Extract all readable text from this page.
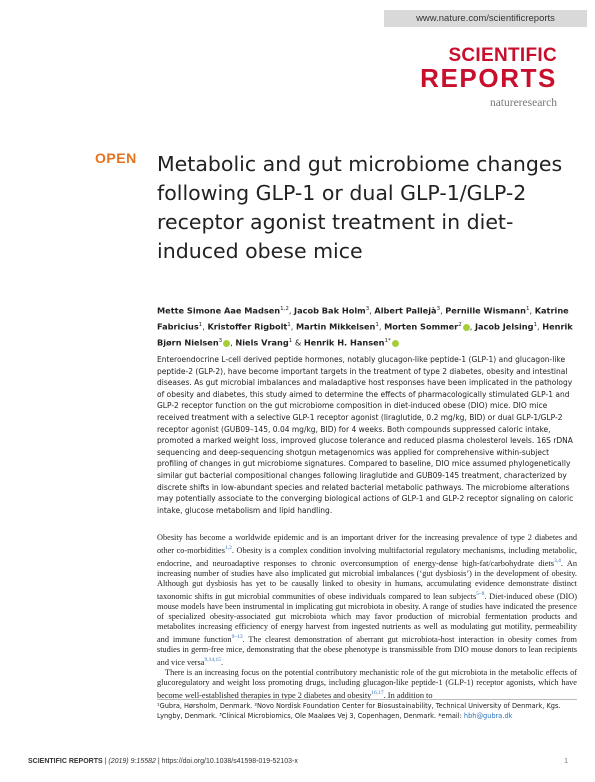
www.nature.com/scientificreports
SCIENTIFIC
REPORTS
natureresearch
OPEN Metabolic and gut microbiome changes following GLP-1 or dual GLP-1/GLP-2 receptor agonist treatment in diet-induced obese mice
Mette Simone Aae Madsen$^{1,2}$, Jacob Bak Holm$^3$, Albert Pallejà$^3$, Pernille Wismann$^1$, Katrine Fabricius$^1$, Kristoffer Rigbolt$^1$, Martin Mikkelsen$^1$, Morten Sommer$^2$ , Jacob Jelsing$^1$, Henrik Bjørn Nielsen$^3$ , Niels Vrang$^1$ & Henrik H. Hansen$^{1*}$

Enteroendocrine L-cell derived peptide hormones, notably glucagon-like peptide-1 (GLP-1) and glucagon-like peptide-2 (GLP-2), have become important targets in the treatment of type 2 diabetes, obesity and intestinal diseases. As gut microbial imbalances and maladaptive host responses have been implicated in the pathology of obesity and diabetes, this study aimed to determine the effects of pharmacologically stimulated GLP-1 and GLP-2 receptor function on the gut microbiome composition in diet-induced obese (DIO) mice. DIO mice received treatment with a selective GLP-1 receptor agonist (liraglutide, 0.2 mg/kg, BID) or dual GLP-1/GLP-2 receptor agonist (GUB09–145, 0.04 mg/kg, BID) for 4 weeks. Both compounds suppressed caloric intake, promoted a marked weight loss, improved glucose tolerance and reduced plasma cholesterol levels. 16S rDNA sequencing and deep-sequencing shotgun metagenomics was applied for comprehensive within-subject profiling of changes in gut microbiome signatures. Compared to baseline, DIO mice assumed phylogenetically similar gut bacterial compositional changes following liraglutide and GUB09-145 treatment, characterized by discrete shifts in low-abundant species and related bacterial metabolic pathways. The microbiome alterations may potentially associate to the converging biological actions of GLP-1 and GLP-2 receptor signaling on caloric intake, glucose metabolism and lipid handling.

Obesity has become a worldwide epidemic and is an important driver for the increasing prevalence of type 2 diabetes and other co-morbidities$^{1,2}$. Obesity is a complex condition involving multifactorial regulatory mechanisms, including metabolic, endocrine, and neuroadaptive responses to chronic overconsumption of energy-dense high-fat/carbohydrate diets$^{3,4}$. An increasing number of studies have also implicated gut microbial imbalances (‘gut dysbiosis’) in the development of obesity. Although gut dysbiosis has yet to be causally linked to obesity in humans, accumulating evidence demonstrate distinct taxonomic shifts in gut microbial communities of obese individuals compared to lean subjects$^{5-8}$. Diet-induced obese (DIO) mouse models have been instrumental in implicating gut microbiota in obesity. A range of studies have indicated the presence of specialized obesity-associated gut microbiota which may favor production of microbial fermentation products and metabolites increasing efficiency of energy harvest from ingested nutrients as well as modulating gut motility, permeability and immune function$^{9-13}$. The clearest demonstration of aberrant gut microbiota-host interaction in obesity comes from studies in germ-free mice, demonstrating that the obese phenotype is transmissible from DIO mouse donors to lean recipients and vice versa$^{9,14,15}$.

There is an increasing focus on the potential contributory mechanistic role of the gut microbiota in the metabolic effects of glucoregulatory and weight loss promoting drugs, including glucagon-like peptide-1 (GLP-1) receptor agonists, which have become well-established therapies in type 2 diabetes and obesity$^{16,17}$. In addition to

¹Gubra, Hørsholm, Denmark. ²Novo Nordisk Foundation Center for Biosustainability, Technical University of Denmark, Kgs. Lyngby, Denmark. ³Clinical Microbiomics, Ole Maaløes Vej 3, Copenhagen, Denmark. *email: hbh@gubra.dk
SCIENTIFIC REPORTS | (2019) 9:15582 | https://doi.org/10.1038/s41598-019-52103-x	1
